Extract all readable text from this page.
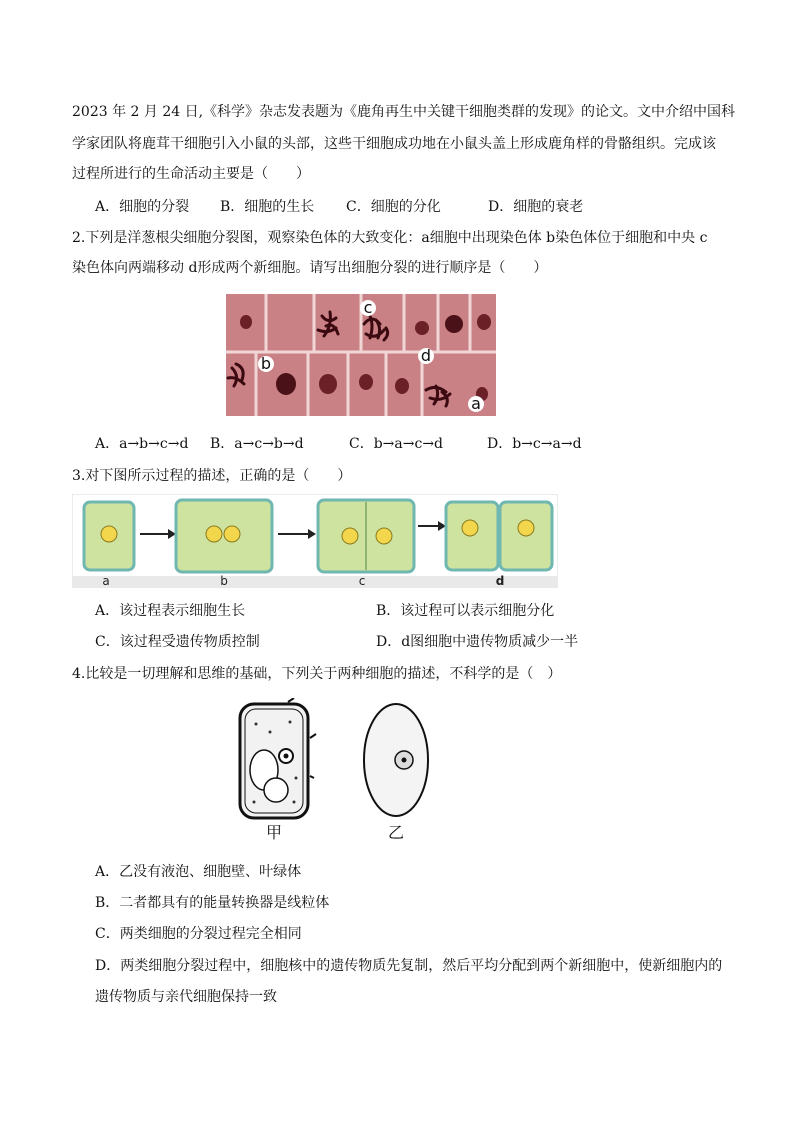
2023 年 2 月 24 日,《科学》杂志发表题为《鹿角再生中关键干细胞类群的发现》的论文。文中介绍中国科
学家团队将鹿茸干细胞引入小鼠的头部，这些干细胞成功地在小鼠头盖上形成鹿角样的骨骼组织。完成该
过程所进行的生命活动主要是（　　）
A．细胞的分裂 B．细胞的生长 C．细胞的分化	D．细胞的衰老
2.下列是洋葱根尖细胞分裂图，观察染色体的大致变化：a细胞中出现染色体 b染色体位于细胞和中央 c
染色体向两端移动 d形成两个新细胞。请写出细胞分裂的进行顺序是（　　）
c
d
b
a
A．a→b→c→d B．a→c→b→d	C．b→a→c→d	D．b→c→a→d
3.对下图所示过程的描述，正确的是（　　）
a	b	c	d
A．该过程表示细胞生长	B．该过程可以表示细胞分化
C．该过程受遗传物质控制	D．d图细胞中遗传物质减少一半
4.比较是一切理解和思维的基础，下列关于两种细胞的描述，不科学的是（　）
甲	乙
A．乙没有液泡、细胞壁、叶绿体
B．二者都具有的能量转换器是线粒体
C．两类细胞的分裂过程完全相同
D．两类细胞分裂过程中，细胞核中的遗传物质先复制，然后平均分配到两个新细胞中，使新细胞内的
遗传物质与亲代细胞保持一致
